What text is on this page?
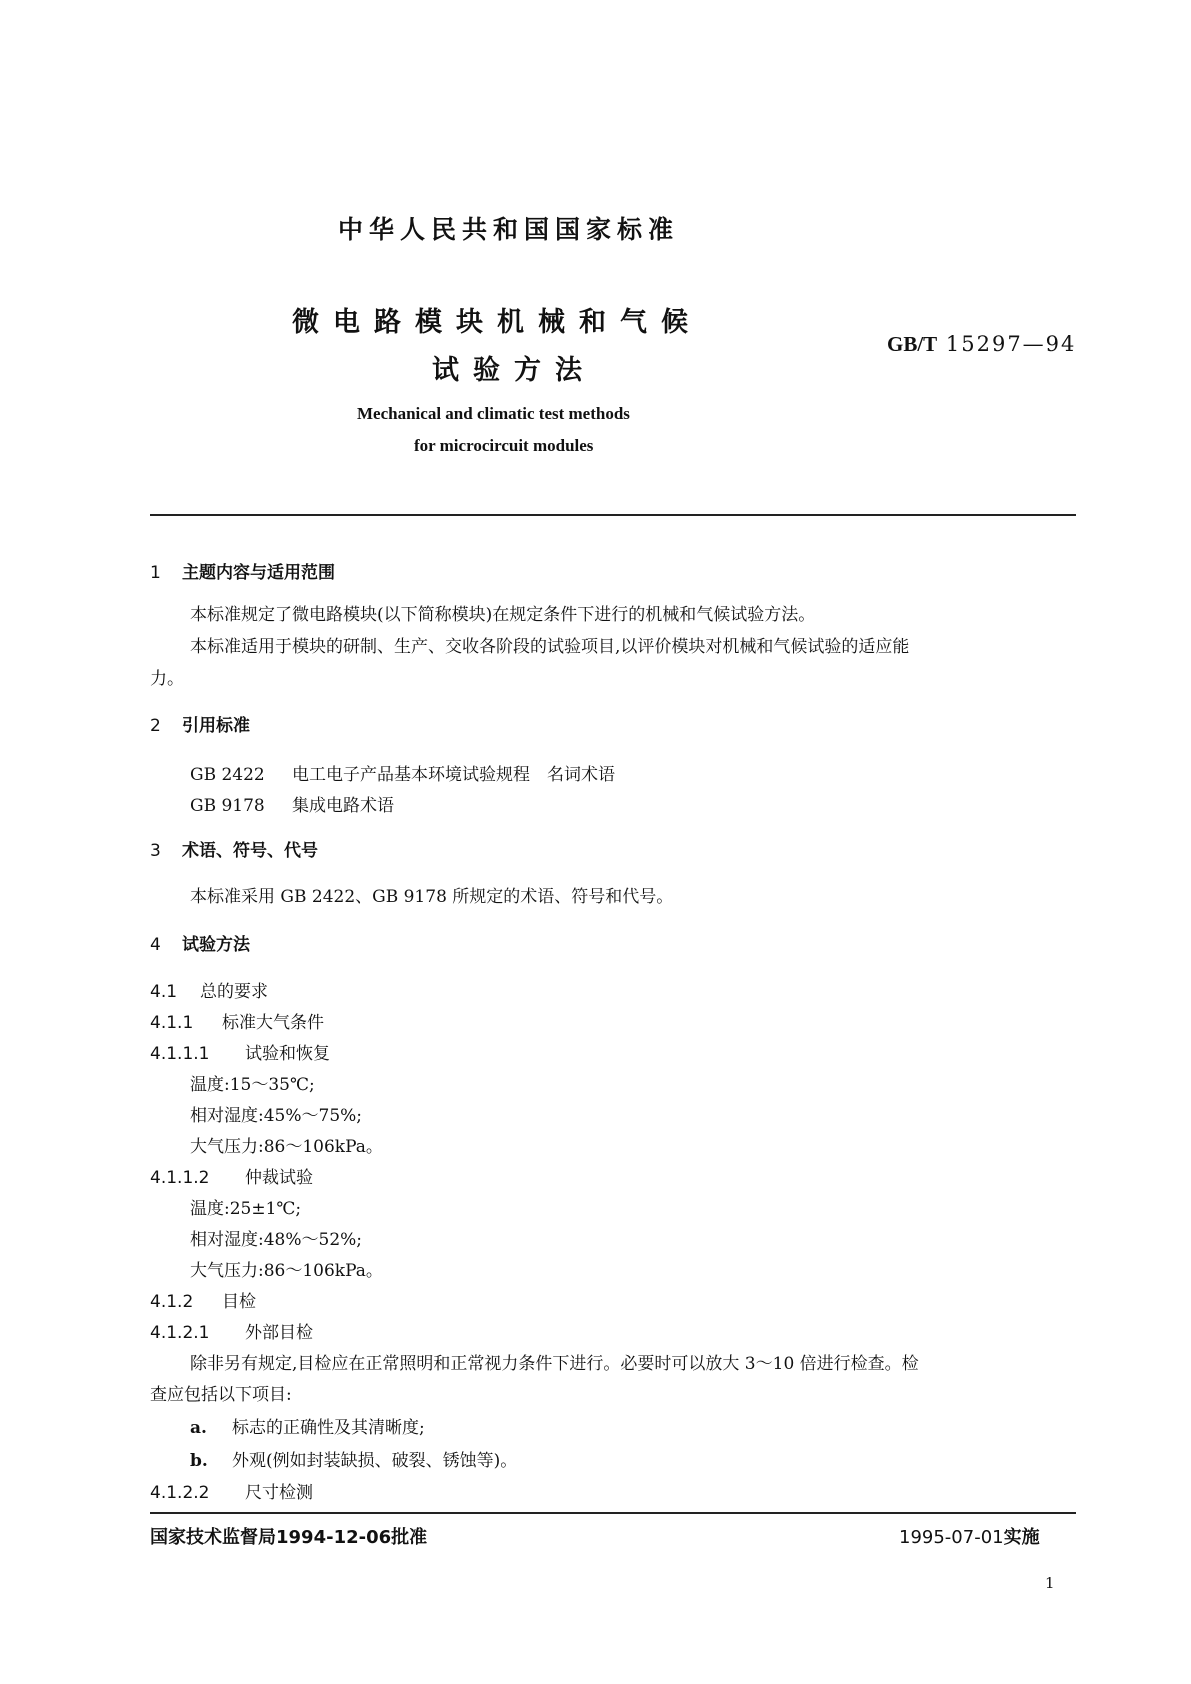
中华人民共和国国家标准
微电路模块机械和气候
试验方法
GB/T 15297—94
Mechanical and climatic test methods
for microcircuit modules
1 主题内容与适用范围
本标准规定了微电路模块(以下简称模块)在规定条件下进行的机械和气候试验方法。
本标准适用于模块的研制、生产、交收各阶段的试验项目,以评价模块对机械和气候试验的适应能
力。
2 引用标准
GB 2422 电工电子产品基本环境试验规程　名词术语
GB 9178 集成电路术语
3 术语、符号、代号
本标准采用 GB 2422、GB 9178 所规定的术语、符号和代号。
4 试验方法
4.1 总的要求
4.1.1 标准大气条件
4.1.1.1 试验和恢复
温度:15～35℃;
相对湿度:45%～75%;
大气压力:86～106kPa。
4.1.1.2 仲裁试验
温度:25±1℃;
相对湿度:48%～52%;
大气压力:86～106kPa。
4.1.2 目检
4.1.2.1 外部目检
除非另有规定,目检应在正常照明和正常视力条件下进行。必要时可以放大 3～10 倍进行检查。检
查应包括以下项目:
a. 标志的正确性及其清晰度;
b. 外观(例如封装缺损、破裂、锈蚀等)。
4.1.2.2 尺寸检测
国家技术监督局1994-12-06批准	1995-07-01实施
1
